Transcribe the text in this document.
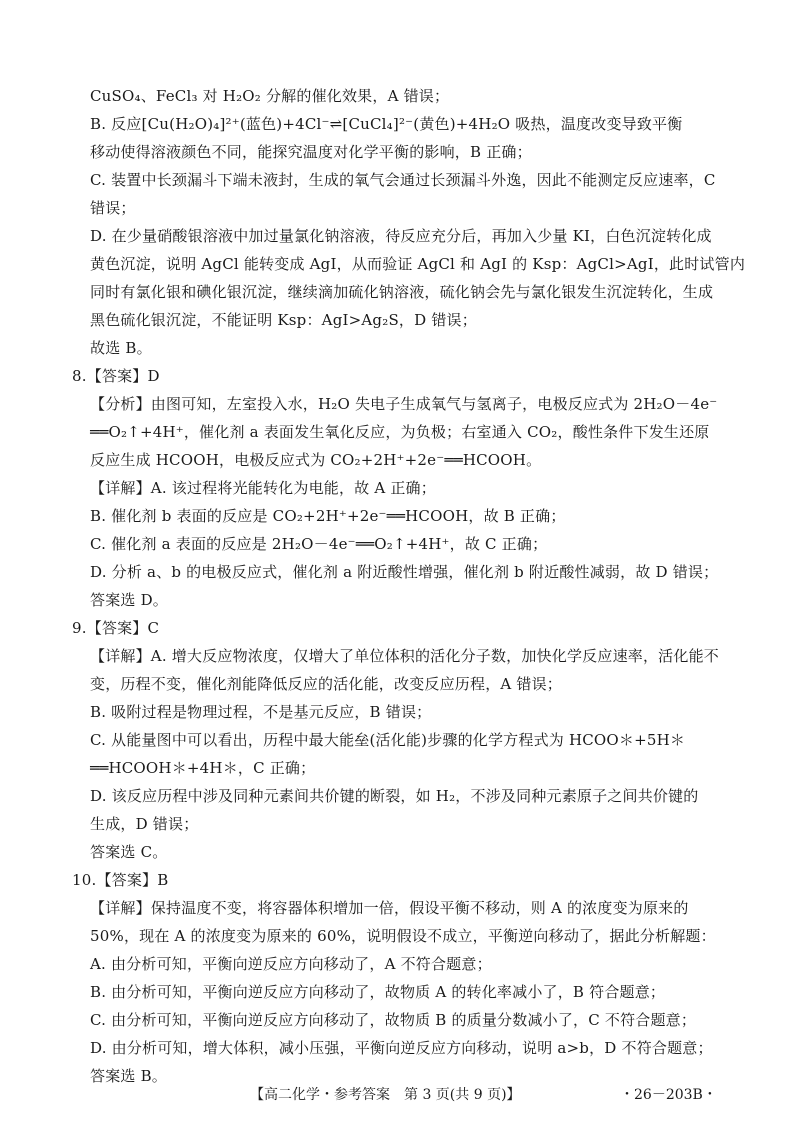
CuSO₄、FeCl₃ 对 H₂O₂ 分解的催化效果，A 错误；
B. 反应[Cu(H₂O)₄]²⁺(蓝色)+4Cl⁻⇌[CuCl₄]²⁻(黄色)+4H₂O 吸热，温度改变导致平衡
移动使得溶液颜色不同，能探究温度对化学平衡的影响，B 正确；
C. 装置中长颈漏斗下端未液封，生成的氧气会通过长颈漏斗外逸，因此不能测定反应速率，C
错误；
D. 在少量硝酸银溶液中加过量氯化钠溶液，待反应充分后，再加入少量 KI，白色沉淀转化成
黄色沉淀，说明 AgCl 能转变成 AgI，从而验证 AgCl 和 AgI 的 Ksp：AgCl>AgI，此时试管内
同时有氯化银和碘化银沉淀，继续滴加硫化钠溶液，硫化钠会先与氯化银发生沉淀转化，生成
黑色硫化银沉淀，不能证明 Ksp：AgI>Ag₂S，D 错误；
故选 B。
8.【答案】D
【分析】由图可知，左室投入水，H₂O 失电子生成氧气与氢离子，电极反应式为 2H₂O－4e⁻
══O₂↑+4H⁺，催化剂 a 表面发生氧化反应，为负极；右室通入 CO₂，酸性条件下发生还原
反应生成 HCOOH，电极反应式为 CO₂+2H⁺+2e⁻══HCOOH。
【详解】A. 该过程将光能转化为电能，故 A 正确；
B. 催化剂 b 表面的反应是 CO₂+2H⁺+2e⁻══HCOOH，故 B 正确；
C. 催化剂 a 表面的反应是 2H₂O－4e⁻══O₂↑+4H⁺，故 C 正确；
D. 分析 a、b 的电极反应式，催化剂 a 附近酸性增强，催化剂 b 附近酸性减弱，故 D 错误；
答案选 D。
9.【答案】C
【详解】A. 增大反应物浓度，仅增大了单位体积的活化分子数，加快化学反应速率，活化能不
变，历程不变，催化剂能降低反应的活化能，改变反应历程，A 错误；
B. 吸附过程是物理过程，不是基元反应，B 错误；
C. 从能量图中可以看出，历程中最大能垒(活化能)步骤的化学方程式为 HCOO＊+5H＊
══HCOOH＊+4H＊，C 正确；
D. 该反应历程中涉及同种元素间共价键的断裂，如 H₂，不涉及同种元素原子之间共价键的
生成，D 错误；
答案选 C。
10.【答案】B
【详解】保持温度不变，将容器体积增加一倍，假设平衡不移动，则 A 的浓度变为原来的
50%，现在 A 的浓度变为原来的 60%，说明假设不成立，平衡逆向移动了，据此分析解题：
A. 由分析可知，平衡向逆反应方向移动了，A 不符合题意；
B. 由分析可知，平衡向逆反应方向移动了，故物质 A 的转化率减小了，B 符合题意；
C. 由分析可知，平衡向逆反应方向移动了，故物质 B 的质量分数减小了，C 不符合题意；
D. 由分析可知，增大体积，减小压强，平衡向逆反应方向移动，说明 a>b，D 不符合题意；
答案选 B。
【高二化学・参考答案　第 3 页(共 9 页)】	・26－203B・
